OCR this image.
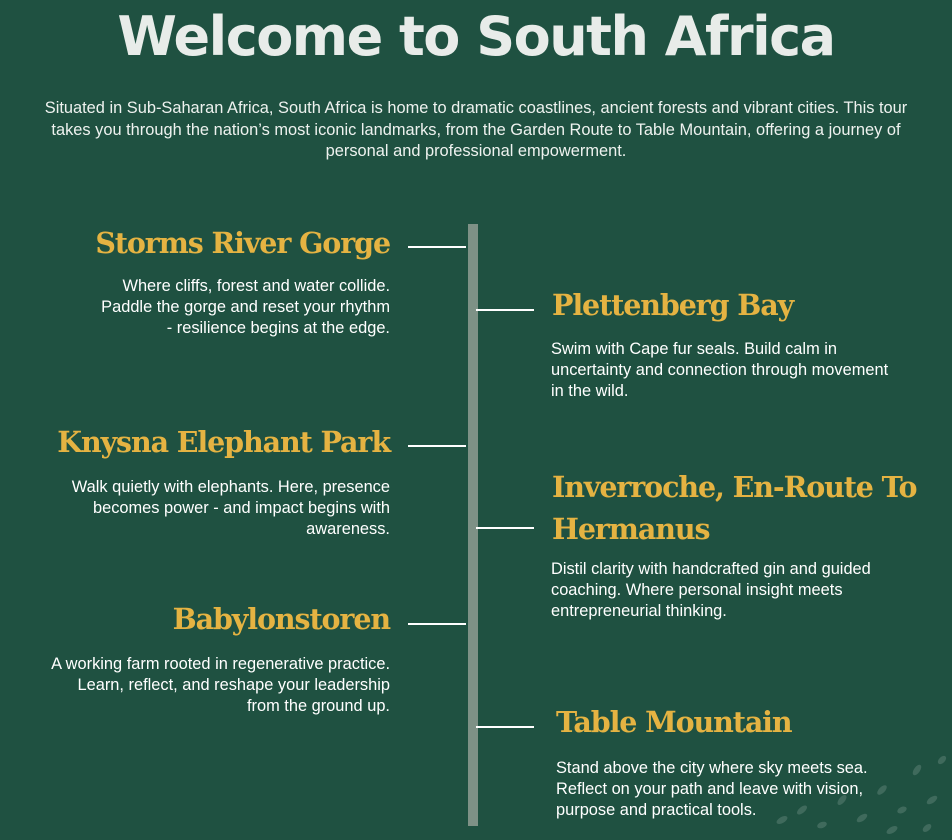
Welcome to South Africa
Situated in Sub-Saharan Africa, South Africa is home to dramatic coastlines, ancient forests and vibrant cities. This tour takes you through the nation’s most iconic landmarks, from the Garden Route to Table Mountain, offering a journey of personal and professional empowerment.
Storms River Gorge
Where cliffs, forest and water collide. Paddle the gorge and reset your rhythm - resilience begins at the edge.
Plettenberg Bay
Swim with Cape fur seals. Build calm in uncertainty and connection through movement in the wild.
Knysna Elephant Park
Walk quietly with elephants. Here, presence becomes power - and impact begins with awareness.
Inverroche, En-Route To Hermanus
Distil clarity with handcrafted gin and guided coaching. Where personal insight meets entrepreneurial thinking.
Babylonstoren
A working farm rooted in regenerative practice. Learn, reflect, and reshape your leadership from the ground up.	Table Mountain
Stand above the city where sky meets sea. Reflect on your path and leave with vision, purpose and practical tools.
